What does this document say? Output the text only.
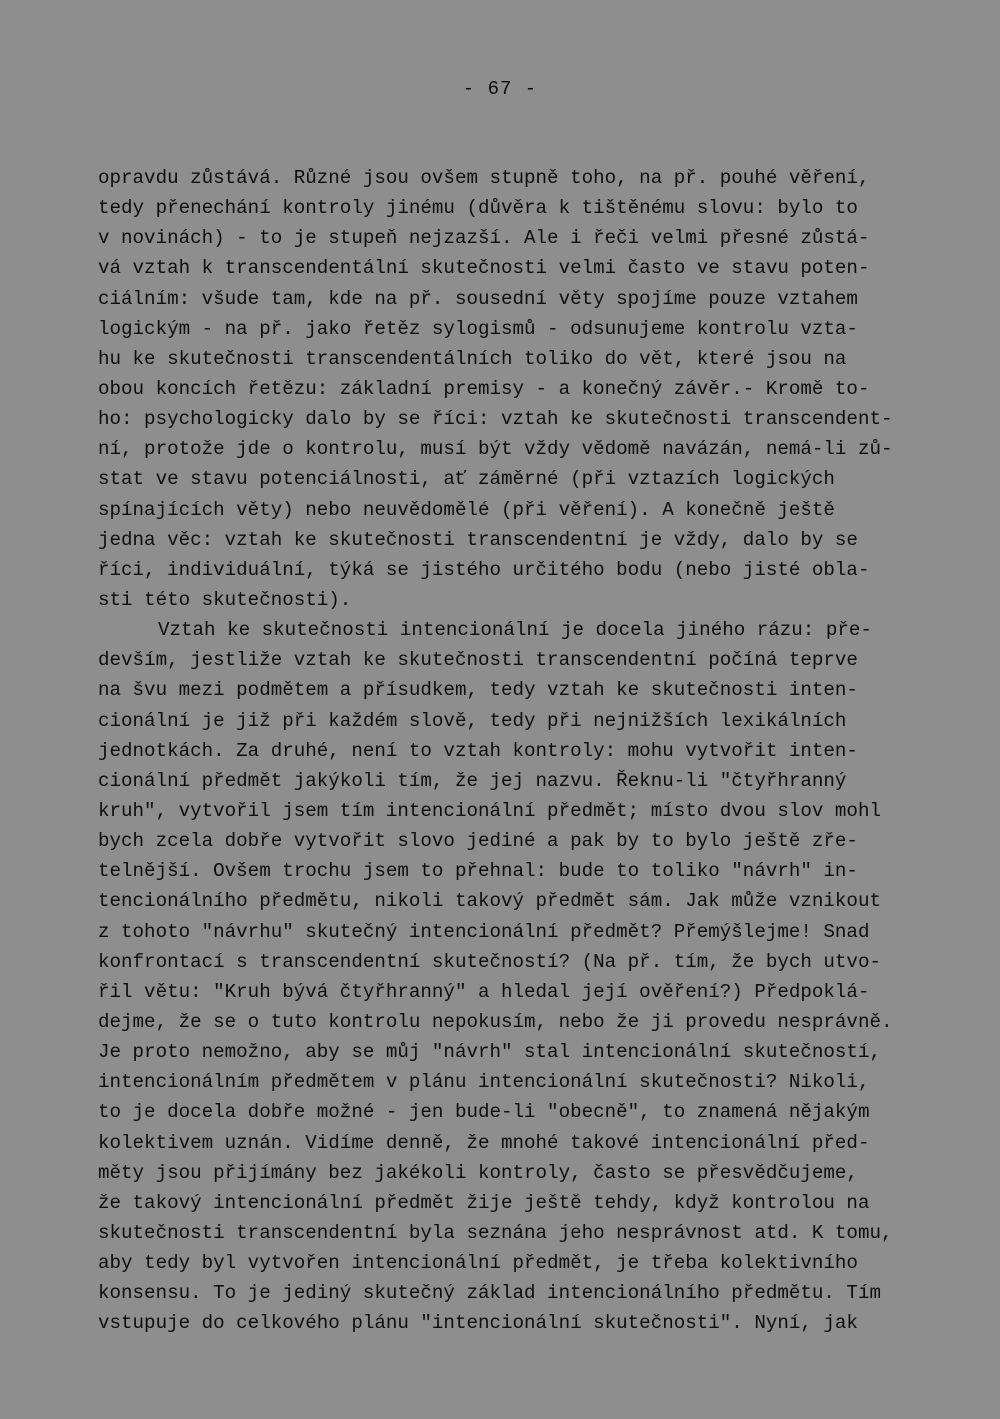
- 67 -
opravdu zůstává. Různé jsou ovšem stupně toho, na př. pouhé věření,
tedy přenechání kontroly jinému (důvěra k tištěnému slovu: bylo to
v novinách) - to je stupeň nejzazší. Ale i řeči velmi přesné zůstá-
vá vztah k transcendentální skutečnosti velmi často ve stavu poten-
ciálním: všude tam, kde na př. sousední věty spojíme pouze vztahem
logickým - na př. jako řetěz sylogismů - odsunujeme kontrolu vzta-
hu ke skutečnosti transcendentálních toliko do vět, které jsou na
obou koncích řetězu: základní premisy - a konečný závěr.- Kromě to-
ho: psychologicky dalo by se říci: vztah ke skutečnosti transcendent-
ní, protože jde o kontrolu, musí být vždy vědomě navázán, nemá-li zů-
stat ve stavu potenciálnosti, ať záměrné (při vztazích logických
spínajících věty) nebo neuvědomělé (při věření). A konečně ještě
jedna věc: vztah ke skutečnosti transcendentní je vždy, dalo by se
říci, individuální, týká se jistého určitého bodu (nebo jisté obla-
sti této skutečnosti).
Vztah ke skutečnosti intencionální je docela jiného rázu: pře-
devším, jestliže vztah ke skutečnosti transcendentní počíná teprve
na švu mezi podmětem a přísudkem, tedy vztah ke skutečnosti inten-
cionální je již při každém slově, tedy při nejnižších lexikálních
jednotkách. Za druhé, není to vztah kontroly: mohu vytvořit inten-
cionální předmět jakýkoli tím, že jej nazvu. Řeknu-li "čtyřhranný
kruh", vytvořil jsem tím intencionální předmět; místo dvou slov mohl
bych zcela dobře vytvořit slovo jediné a pak by to bylo ještě zře-
telnější. Ovšem trochu jsem to přehnal: bude to toliko "návrh" in-
tencionálního předmětu, nikoli takový předmět sám. Jak může vznikout
z tohoto "návrhu" skutečný intencionální předmět? Přemýšlejme! Snad
konfrontací s transcendentní skutečností? (Na př. tím, že bych utvo-
řil větu: "Kruh bývá čtyřhranný" a hledal její ověření?) Předpoklá-
dejme, že se o tuto kontrolu nepokusím, nebo že ji provedu nesprávně.
Je proto nemožno, aby se můj "návrh" stal intencionální skutečností,
intencionálním předmětem v plánu intencionální skutečnosti? Nikoli,
to je docela dobře možné - jen bude-li "obecně", to znamená nějakým
kolektivem uznán. Vidíme denně, že mnohé takové intencionální před-
měty jsou přijímány bez jakékoli kontroly, často se přesvědčujeme,
že takový intencionální předmět žije ještě tehdy, když kontrolou na
skutečnosti transcendentní byla seznána jeho nesprávnost atd. K tomu,
aby tedy byl vytvořen intencionální předmět, je třeba kolektivního
konsensu. To je jediný skutečný základ intencionálního předmětu. Tím
vstupuje do celkového plánu "intencionální skutečnosti". Nyní, jak
